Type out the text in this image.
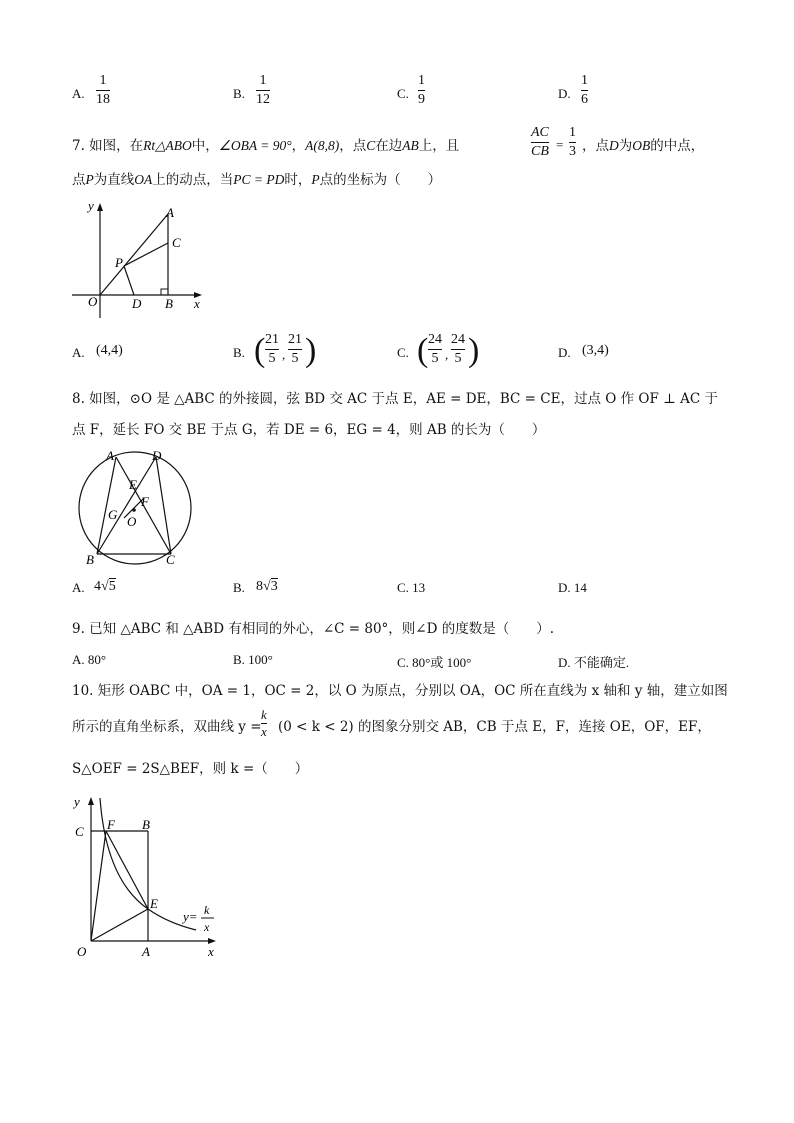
A.
1
18	B.
1
12	C.
1
9	D.
1
6
7. 如图，在Rt△ABO中，∠OBA = 90°，A(8,8)，点C在边AB上，且
AC
CB =
1
3 ，点D为OB的中点，
点P为直线OA上的动点，当PC = PD时，P点的坐标为（　　）
y	A
C
P
O	D B x
A. (4,4)	B. ( 21
5 ,
21
5 )	C. ( 24
5 ,
24
5 )	D. (3,4)
8. 如图，⊙O 是 △ABC 的外接圆，弦 BD 交 AC 于点 E，AE = DE，BC = CE，过点 O 作 OF ⊥ AC 于
点 F，延长 FO 交 BE 于点 G，若 DE = 6，EG = 4，则 AB 的长为（　　）
A	D
E
F
G O
B	C
A. 4√5	B. 8√3	C. 13	D. 14
9. 已知 △ABC 和 △ABD 有相同的外心，∠C = 80°，则∠D 的度数是（　　）.
A. 80°	B. 100°	C. 80°或 100°	D. 不能确定.
10. 矩形 OABC 中，OA = 1，OC = 2，以 O 为原点，分别以 OA，OC 所在直线为 x 轴和 y 轴，建立如图
所示的直角坐标系，双曲线 y =
k
x (0 < k < 2) 的图象分别交 AB，CB 于点 E，F，连接 OE，OF，EF，
S△OEF = 2S△BEF，则 k =（　　）
y
C F B
E
O	A	x
y= k
x
